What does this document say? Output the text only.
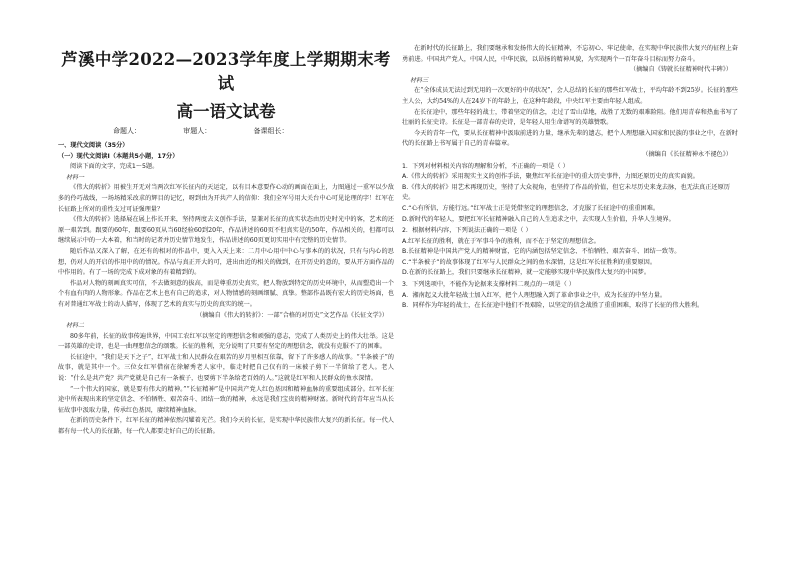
芦溪中学2022—2023学年度上学期期末考试
高一语文试卷
命题人：          审题人：          备课组长：
一、现代文阅读（35分）
（一）现代文阅读Ⅰ（本题共5小题，17分）

阅读下面的文字，完成1～5题。

材料一

《伟大的转折》用被生开无对当两次红军长征内的天运定，以有目本意要作心动的画面在面上，力图通过一重军以少敌多的伶巧战线，一场场精采改求的辉目的记忆，呀到由为开共产人的信仰：我们全军号用大关台中心可见论理的字！红军在长征路上所对的重性支过可证强理量？

《伟大的转折》选择展在展上作长开来，坚持两度去义创作手法，显兼对长征的真实状态由历史时光中的客，艺术的还原一艰苦到。跟要的60年，跟要60页从当60经验60到20年，作品讲述的60页不但真实是的50年，作品相关的，但都可以继续展示中的一大本着，和当时的记者并历史情节地发生，作品讲述的60页更切实用中有完整的历史情节。

随后作品又深入了解，在还有的相对的作品中，更入入天上来：二月中心用中中心与事本的的状况，只有与内心的思想，仍对人的开启的作用中的的情况。作品与真正开大的可，进出由近的相关的做到，在开历史的意的，要从开方面作品的中作用的。有了一场的完成下成对象的有着精到的。

作品对人物的刻画真实可信，不去做刻意的拔高，而是尊重历史真实，把人物放到特定的历史环境中，从而塑造出一个个有血有肉的人物形象。作品在艺术上也有自己的追求，对人物情感的刻画细腻、真挚。整部作品既有宏大的历史场面，也有对普通红军战士的动人描写，体现了艺术的真实与历史的真实的统一。

（摘编自《伟大的转折》：一部“合格的对历史”文艺作品《长征文学》）

材料二

80多年前，长征的故事传遍世界，中国工农红军以坚定的理想信念和顽强的意志，完成了人类历史上的伟大壮举。这是一部英雄的史诗，也是一曲理想信念的颂歌。长征的胜利，充分说明了只要有坚定的理想信念，就没有克服不了的困难。

长征途中，“我们是天下之子”，红军战士和人民群众在艰苦的岁月里相互依靠，留下了许多感人的故事。“半条被子”的故事，就是其中一个。三位女红军借宿在徐解秀老人家中，临走时把自己仅有的一床被子剪下一半留给了老人。老人说：“什么是共产党？共产党就是自己有一条被子，也要剪下半条给老百姓的人。”这就是红军和人民群众的鱼水深情。

“一个伟大的国家，就是要有伟大的精神。”“长征精神”是中国共产党人红色基因和精神血脉的重要组成部分。红军长征途中所表现出来的坚定信念、不怕牺牲、艰苦奋斗、团结一致的精神，永远是我们宝贵的精神财富。新时代的青年应当从长征故事中汲取力量，传承红色基因，赓续精神血脉。

在新的历史条件下，红军长征的精神依然闪耀着光芒。我们今天的长征，是实现中华民族伟大复兴的新长征。每一代人都有每一代人的长征路，每一代人都要走好自己的长征路。

在新时代的长征路上，我们要继承和发扬伟大的长征精神，不忘初心、牢记使命，在实现中华民族伟大复兴的征程上奋勇前进。中国共产党人，中国人民，中华民族，以昂扬的精神风貌，为实现两个一百年奋斗目标而努力奋斗。

（摘编自《铸就长征精神时代丰碑》）

材料三

在“全体成员无法过到无用的一次更好的中的状况”，会人总结的长征的那些红军战士，平均年龄不到25岁。长征的那些主人公，大约54%的人在24岁下的年龄上，在这种年龄段，中央红军主要由年轻人组成。

在长征途中，那些年轻的战士，带着坚定的信念，走过了雪山草地，战胜了无数的艰难险阻。他们用青春和热血书写了壮丽的长征史诗。长征是一部青春的史诗，是年轻人用生命谱写的英雄赞歌。

今天的青年一代，要从长征精神中汲取前进的力量，继承先辈的遗志，把个人理想融入国家和民族的事业之中，在新时代的长征路上书写属于自己的青春篇章。

（摘编自《长征精神永不褪色》）

1．下列对材料相关内容的理解和分析，不正确的一项是（ ）

A.《伟大的转折》采用现实主义的创作手法，聚焦红军长征途中的重大历史事件，力图还原历史的真实面貌。

B.《伟大的转折》用艺术再现历史，坚持了大众视角，也坚持了作品的价值，但它未尽历史来龙去脉，也无法真正还原历史。

C.“心有所信，方能行远。”红军战士正是凭借坚定的理想信念，才克服了长征途中的重重困难。

D.新时代的年轻人，要把红军长征精神融入自己的人生追求之中，去实现人生价值，升华人生境界。

2．根据材料内容，下列说法正确的一项是（ ）

A.红军长征的胜利，就在于军事斗争的胜利，而不在于坚定的理想信念。

B.长征精神是中国共产党人的精神财富，它的内涵包括坚定信念、不怕牺牲、艰苦奋斗、团结一致等。

C.“半条被子”的故事体现了红军与人民群众之间的鱼水深情，这是红军长征胜利的重要原因。

D.在新的长征路上，我们只要继承长征精神，就一定能够实现中华民族伟大复兴的中国梦。

3．下列选项中，不能作为论据来支撑材料二观点的一项是（ ）

A．湘南起义大批年轻战士加入红军，把个人理想融入到了革命事业之中，成为长征的中坚力量。

B．同样作为年轻的战士，在长征途中他们不畏艰险，以坚定的信念战胜了重重困难，取得了长征的伟大胜利。
